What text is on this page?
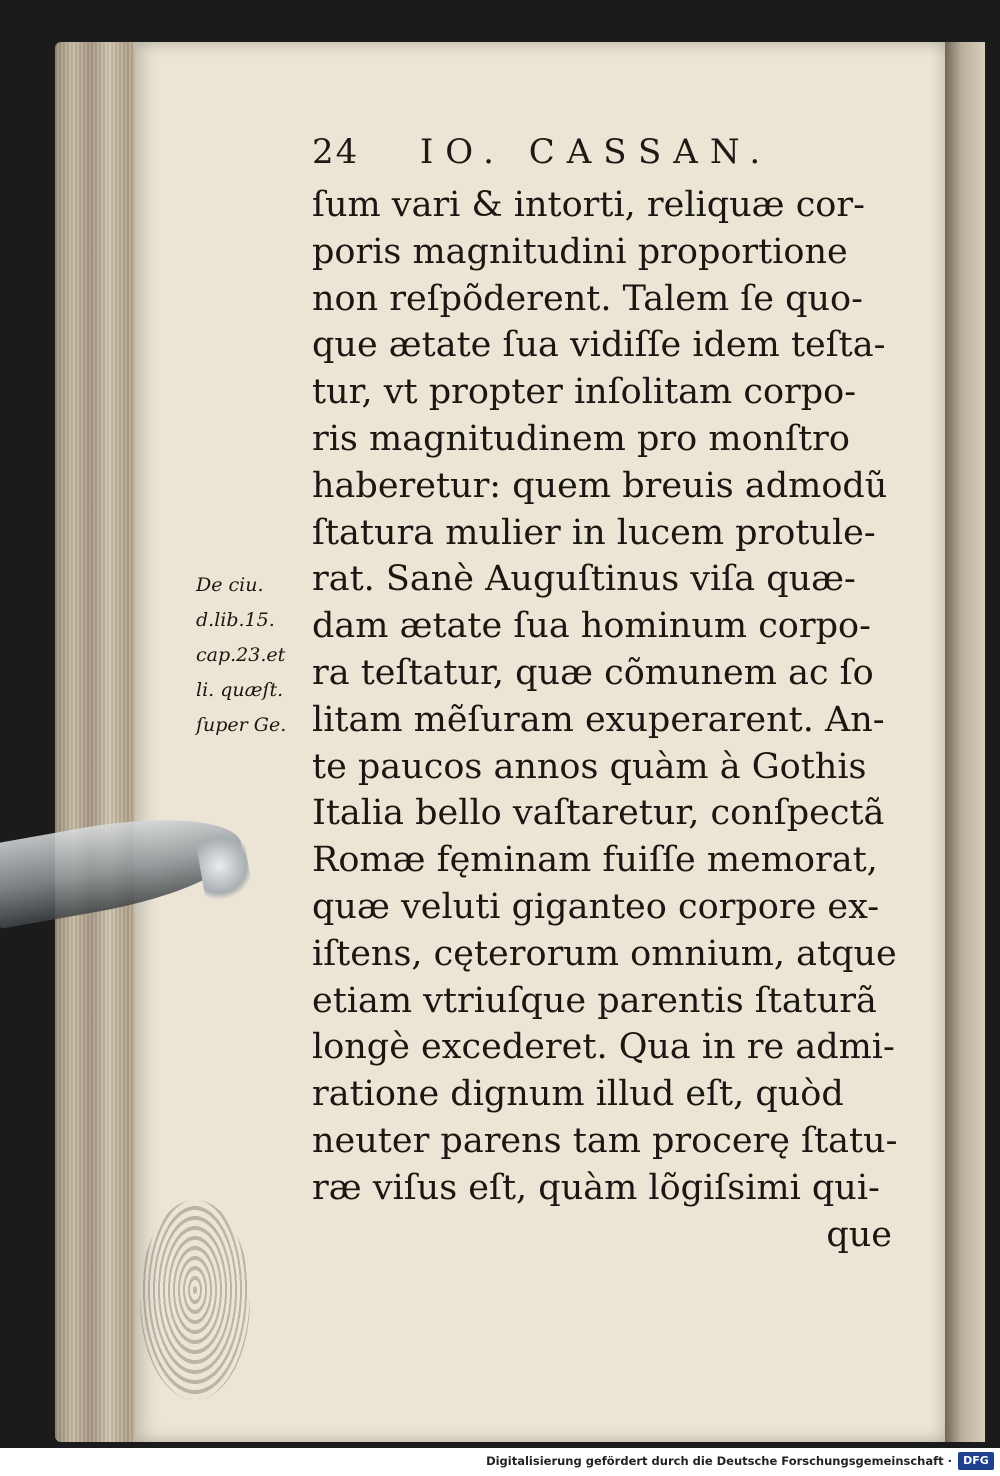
24 IO. CASSAN.
ſum vari & intorti, reliquæ cor-
poris magnitudini proportione
non reſpõderent. Talem ſe quo-
que ætate ſua vidiſſe idem teſta-
tur, vt propter inſolitam corpo-
ris magnitudinem pro monſtro
haberetur: quem breuis admodũ
ſtatura mulier in lucem protule-
rat. Sanè Auguſtinus viſa quæ-
dam ætate ſua hominum corpo-
ra teſtatur, quæ cõmunem ac ſo
litam mẽſuram exuperarent. An-
te paucos annos quàm à Gothis
Italia bello vaſtaretur, conſpectã
Romæ fęminam fuiſſe memorat,
quæ veluti giganteo corpore ex-
iſtens, cęterorum omnium, atque
etiam vtriuſque parentis ſtaturã
longè excederet. Qua in re admi-
ratione dignum illud eſt, quòd
neuter parens tam procerę ſtatu-
ræ viſus eſt, quàm lõgiſsimi qui-
que
De ciu.
d.lib.15.
cap.23.et
li. quæſt.
ſuper Ge.
Digitalisierung gefördert durch die Deutsche Forschungsgemeinschaft ·	DFG
